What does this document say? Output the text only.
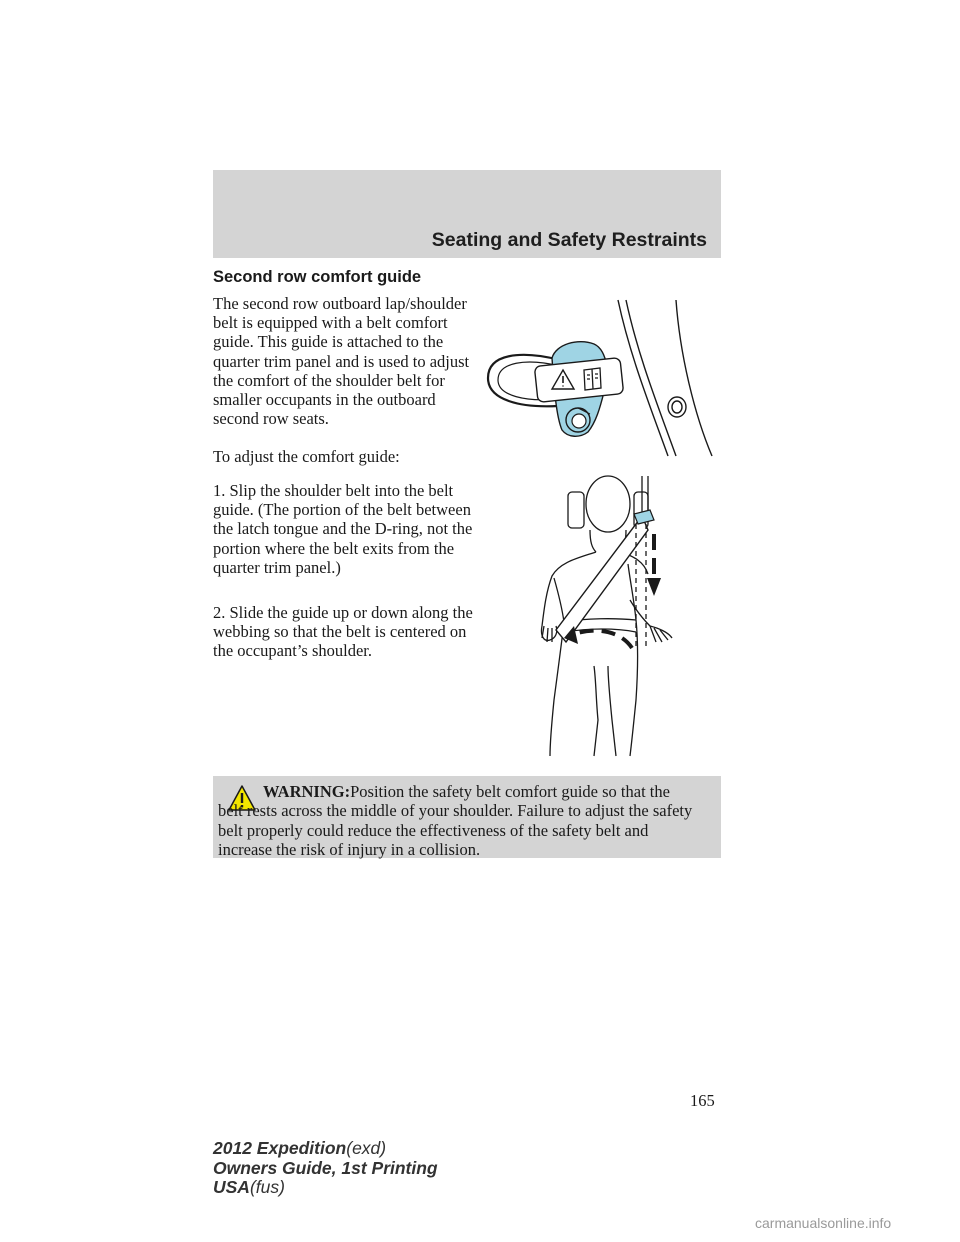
Seating and Safety Restraints
Second row comfort guide

The second row outboard lap/shoulder belt is equipped with a belt comfort guide. This guide is attached to the quarter trim panel and is used to adjust the comfort of the shoulder belt for smaller occupants in the outboard second row seats.

To adjust the comfort guide:

1. Slip the shoulder belt into the belt guide. (The portion of the belt between the latch tongue and the D-ring, not the portion where the belt exits from the quarter trim panel.)

2. Slide the guide up or down along the webbing so that the belt is centered on the occupant’s shoulder.

WARNING:Position the safety belt comfort guide so that the belt rests across the middle of your shoulder. Failure to adjust the safety belt properly could reduce the effectiveness of the safety belt and increase the risk of injury in a collision.

165
2012 Expedition(exd)
Owners Guide, 1st Printing
USA(fus)
carmanualsonline.info
